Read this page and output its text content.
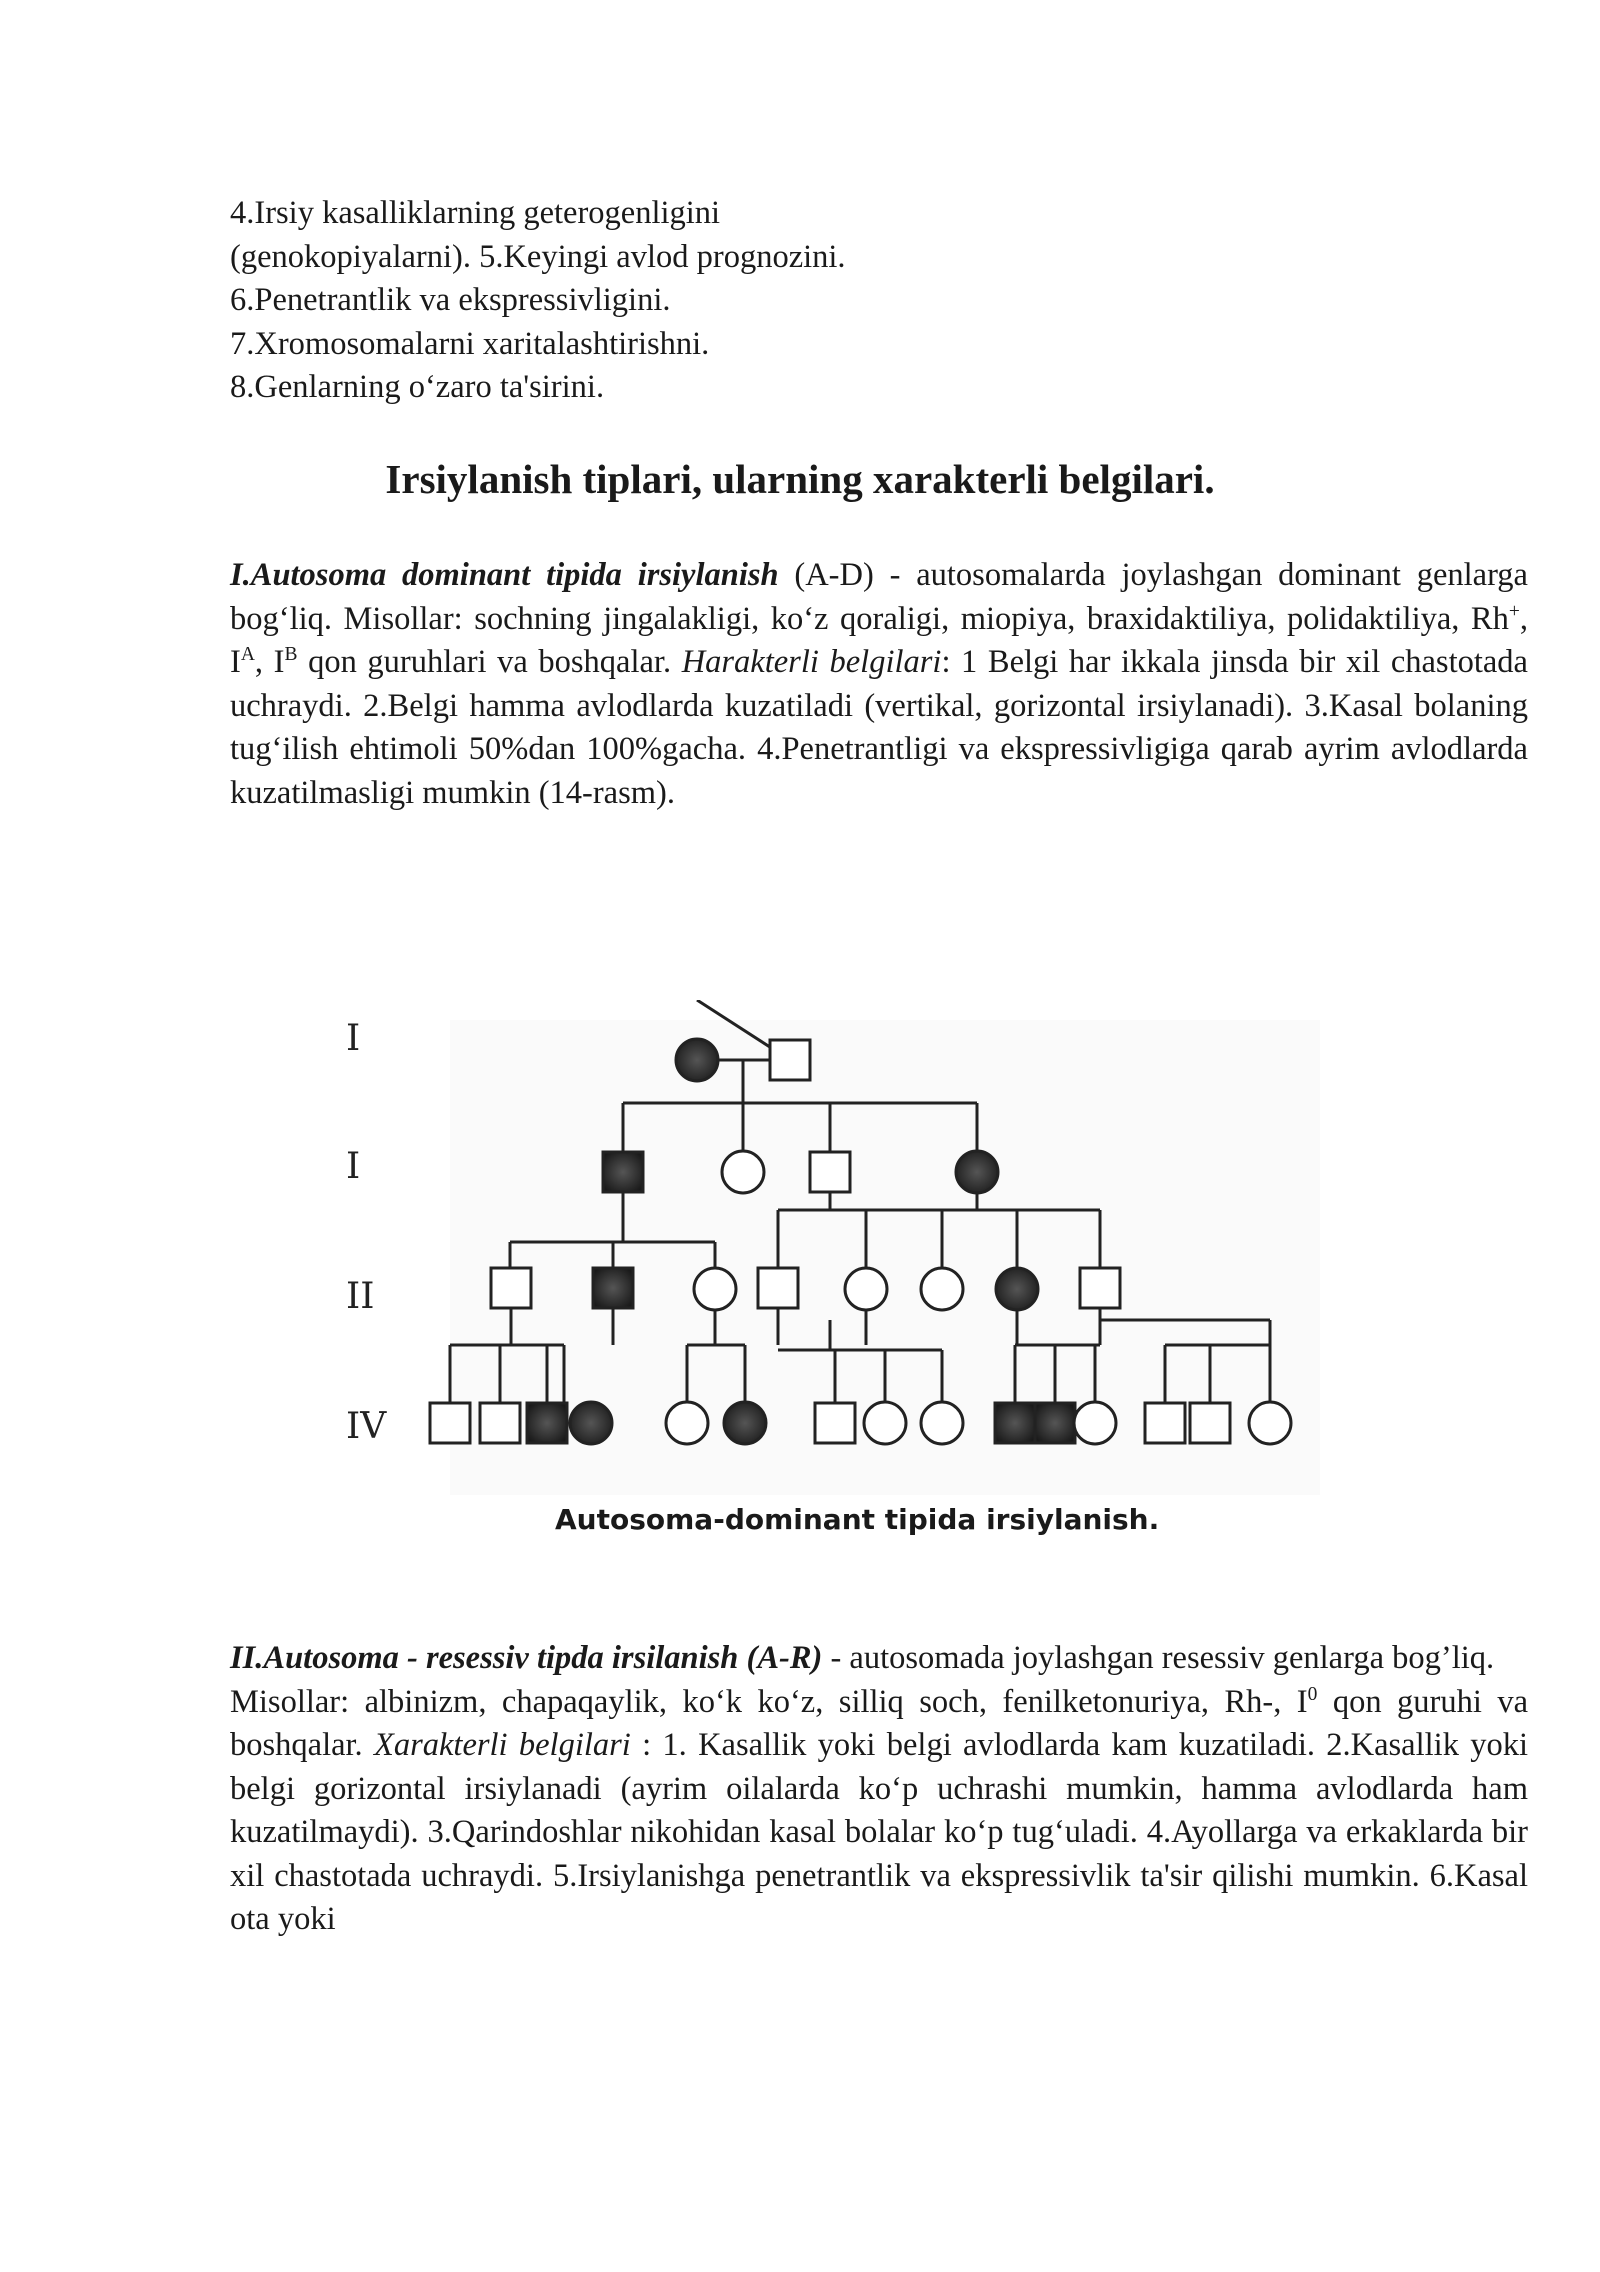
4.Irsiy kasalliklarning geterogenligini
(genokopiyalarni). 5.Keyingi avlod prognozini.
6.Penetrantlik va ekspressivligini.
7.Xromosomalarni xaritalashtirishni.
8.Genlarning o‘zaro ta'sirini.
Irsiylanish tiplari, ularning xarakterli belgilari.

I.Autosoma dominant tipida irsiylanish (A-D) - autosomalarda joylashgan dominant genlarga bog‘liq. Misollar: sochning jingalakligi, ko‘z qoraligi, miopiya, braxidaktiliya, polidaktiliya, Rh+, $I^A$, $I^B$ qon guruhlari va boshqalar. Harakterli belgilari: 1 Belgi har ikkala jinsda bir xil chastotada uchraydi. 2.Belgi hamma avlodlarda kuzatiladi (vertikal, gorizontal irsiylanadi). 3.Kasal bolaning tug‘ilish ehtimoli 50%dan 100%gacha. 4.Penetrantligi va ekspressivligiga qarab ayrim avlodlarda kuzatilmasligi mumkin (14-rasm).

I
I
II
IV
Autosoma-dominant tipida irsiylanish.

II.Autosoma - resessiv tipda irsilanish (A-R) - autosomada joylashgan resessiv genlarga bog’liq.

Misollar: albinizm, chapaqaylik, ko‘k ko‘z, silliq soch, fenilketonuriya, Rh-, $I^0$ qon guruhi va boshqalar. Xarakterli belgilari : 1. Kasallik yoki belgi avlodlarda kam kuzatiladi. 2.Kasallik yoki belgi gorizontal irsiylanadi (ayrim oilalarda ko‘p uchrashi mumkin, hamma avlodlarda ham kuzatilmaydi). 3.Qarindoshlar nikohidan kasal bolalar ko‘p tug‘uladi. 4.Ayollarga va erkaklarda bir xil chastotada uchraydi. 5.Irsiylanishga penetrantlik va ekspressivlik ta'sir qilishi mumkin. 6.Kasal ota yoki
